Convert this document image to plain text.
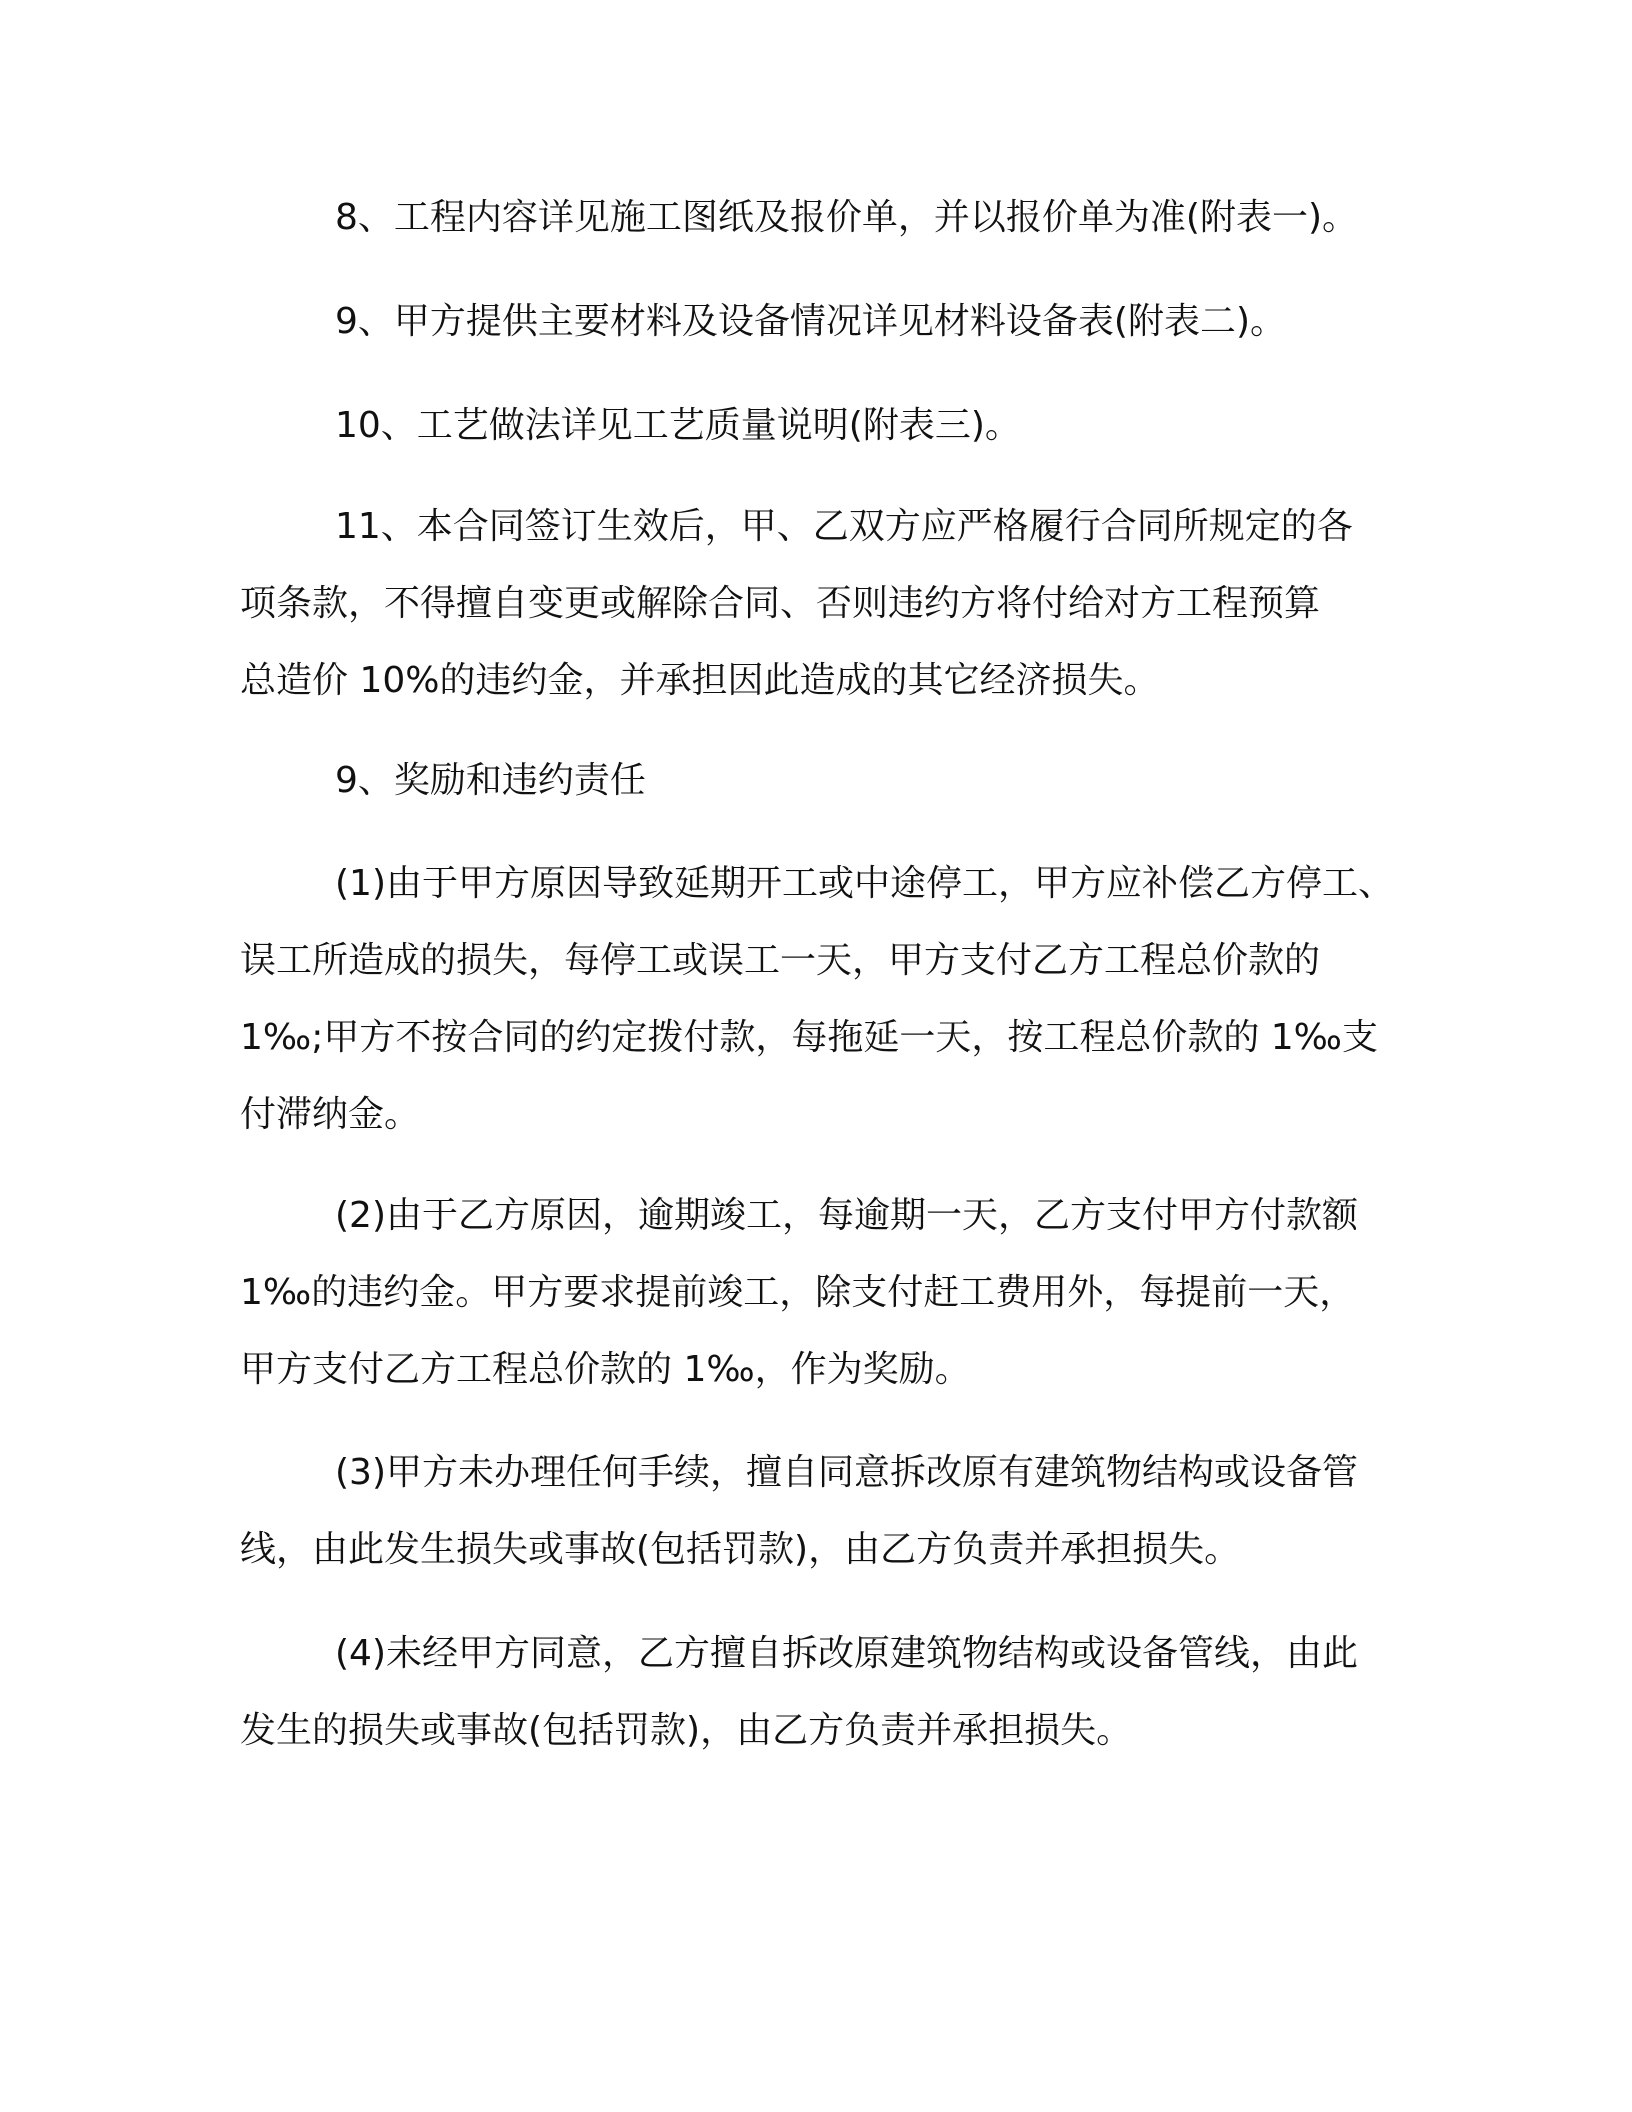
8、工程内容详见施工图纸及报价单，并以报价单为准(附表一)。

9、甲方提供主要材料及设备情况详见材料设备表(附表二)。

10、工艺做法详见工艺质量说明(附表三)。

11、本合同签订生效后，甲、乙双方应严格履行合同所规定的各
项条款，不得擅自变更或解除合同、否则违约方将付给对方工程预算
总造价 10%的违约金，并承担因此造成的其它经济损失。

9、奖励和违约责任

(1)由于甲方原因导致延期开工或中途停工，甲方应补偿乙方停工、
误工所造成的损失，每停工或误工一天，甲方支付乙方工程总价款的
1‰;甲方不按合同的约定拨付款，每拖延一天，按工程总价款的 1‰支
付滞纳金。

(2)由于乙方原因，逾期竣工，每逾期一天，乙方支付甲方付款额
1‰的违约金。甲方要求提前竣工，除支付赶工费用外，每提前一天，
甲方支付乙方工程总价款的 1‰，作为奖励。

(3)甲方未办理任何手续，擅自同意拆改原有建筑物结构或设备管
线，由此发生损失或事故(包括罚款)，由乙方负责并承担损失。

(4)未经甲方同意，乙方擅自拆改原建筑物结构或设备管线，由此
发生的损失或事故(包括罚款)，由乙方负责并承担损失。
